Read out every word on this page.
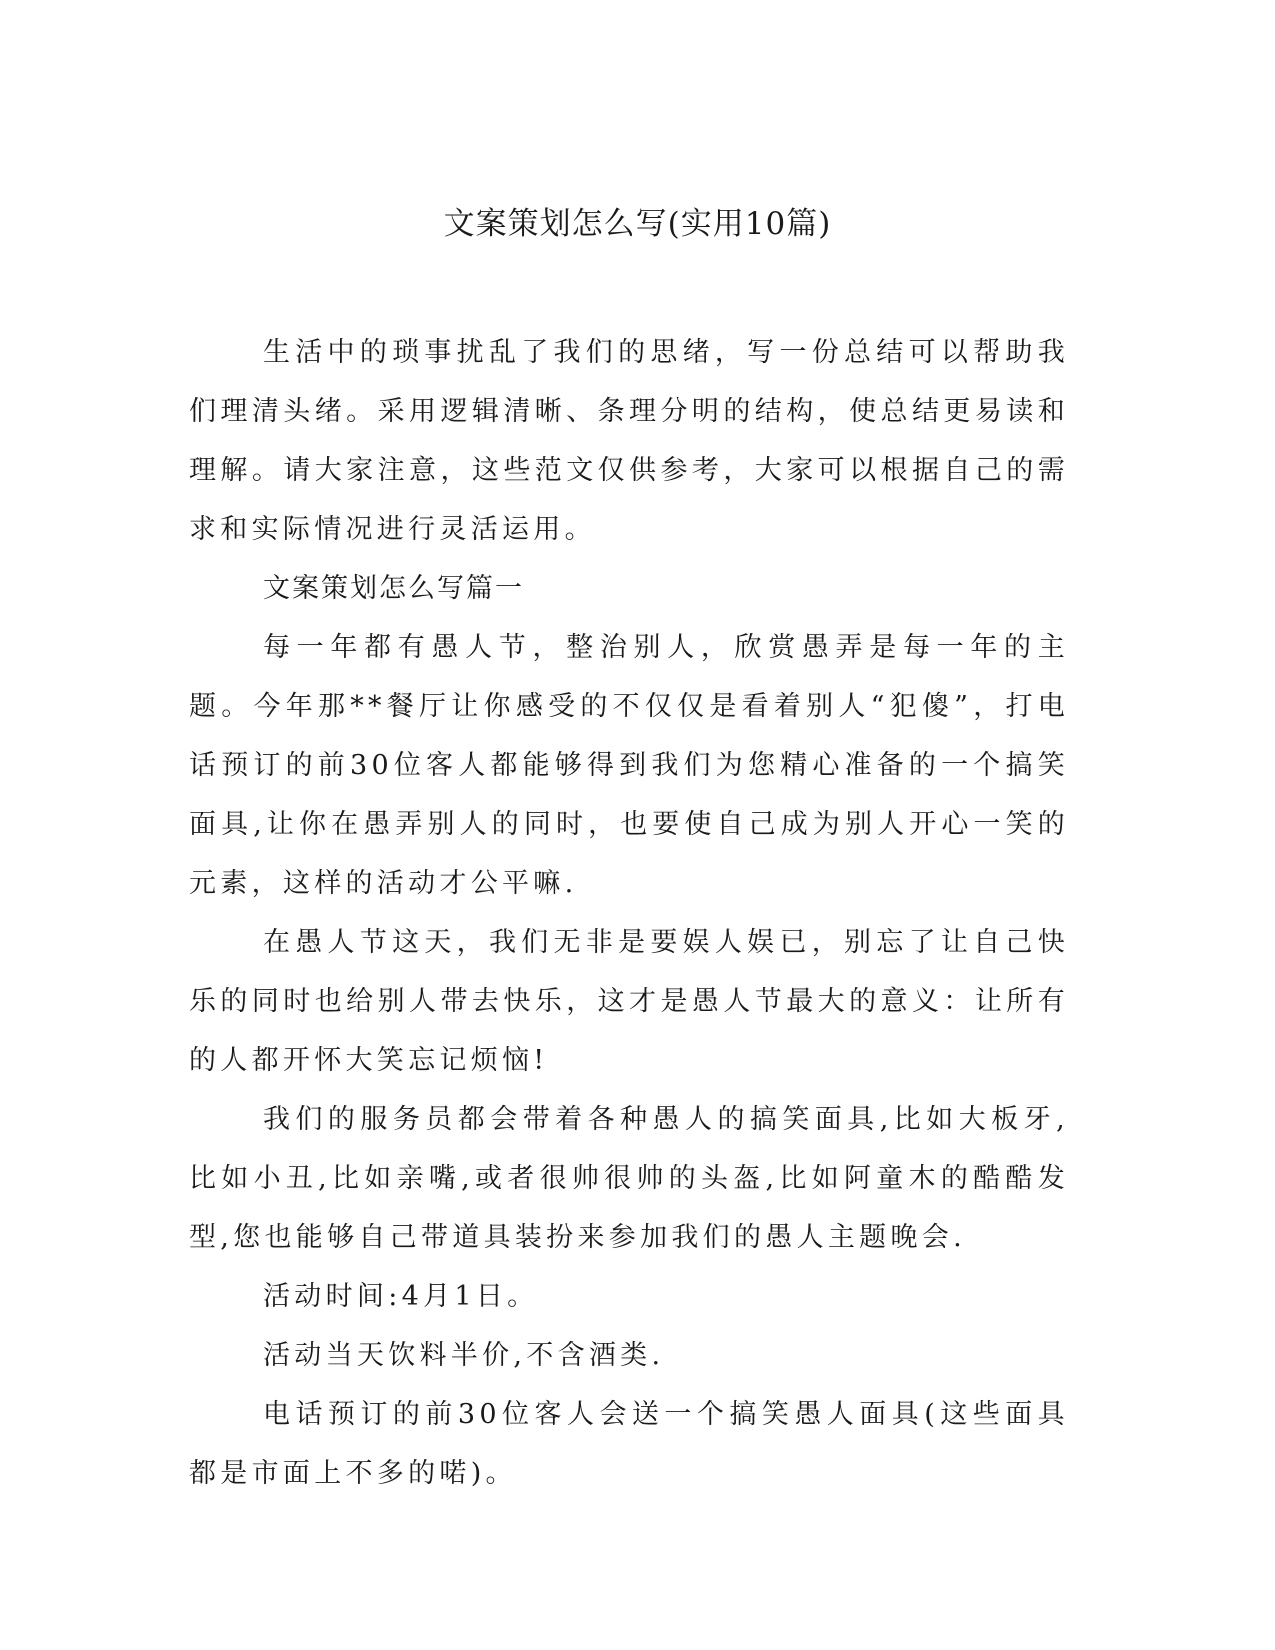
文案策划怎么写(实用10篇)

生活中的琐事扰乱了我们的思绪，写一份总结可以帮助我们理清头绪。采用逻辑清晰、条理分明的结构，使总结更易读和理解。请大家注意，这些范文仅供参考，大家可以根据自己的需求和实际情况进行灵活运用。

文案策划怎么写篇一

每一年都有愚人节，整治别人，欣赏愚弄是每一年的主题。今年那**餐厅让你感受的不仅仅是看着别人“犯傻”，打电话预订的前30位客人都能够得到我们为您精心准备的一个搞笑面具,让你在愚弄别人的同时，也要使自己成为别人开心一笑的元素，这样的活动才公平嘛.

在愚人节这天，我们无非是要娱人娱已，别忘了让自己快乐的同时也给别人带去快乐，这才是愚人节最大的意义：让所有的人都开怀大笑忘记烦恼!

我们的服务员都会带着各种愚人的搞笑面具,比如大板牙,比如小丑,比如亲嘴,或者很帅很帅的头盔,比如阿童木的酷酷发型,您也能够自己带道具装扮来参加我们的愚人主题晚会.

活动时间:4月1日。

活动当天饮料半价,不含酒类.

电话预订的前30位客人会送一个搞笑愚人面具(这些面具都是市面上不多的喏)。
